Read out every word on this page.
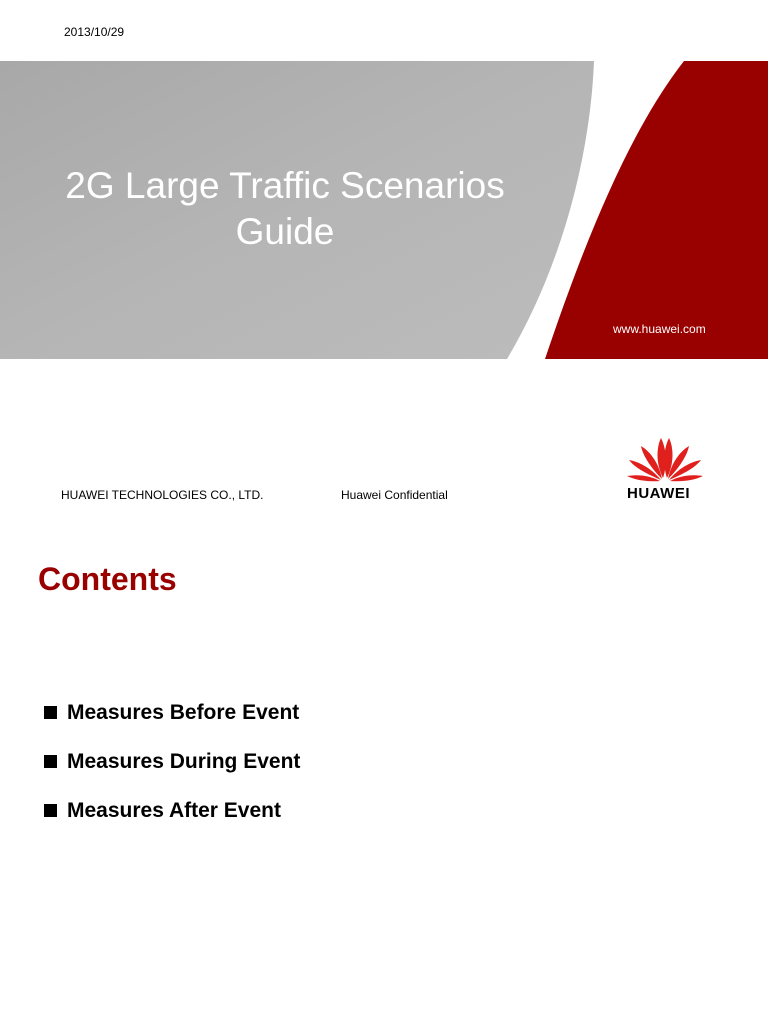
2013/10/29
2G Large Traffic Scenarios
Guide
www.huawei.com
HUAWEI TECHNOLOGIES CO., LTD.	Huawei Confidential	HUAWEI
Contents
Measures Before Event
Measures During Event
Measures After Event
